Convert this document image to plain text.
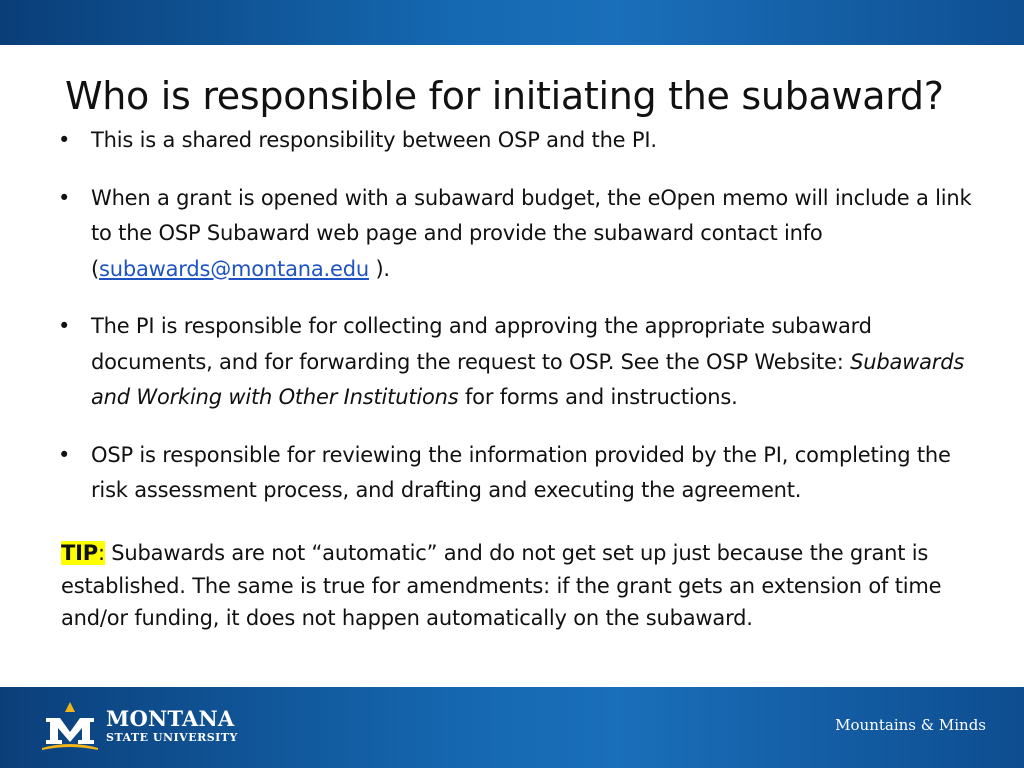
Who is responsible for initiating the subaward?
• This is a shared responsibility between OSP and the PI.
• When a grant is opened with a subaward budget, the eOpen memo will include a link to the OSP Subaward web page and provide the subaward contact info (subawards@montana.edu ).
• The PI is responsible for collecting and approving the appropriate subaward documents, and for forwarding the request to OSP. See the OSP Website: Subawards and Working with Other Institutions for forms and instructions.
• OSP is responsible for reviewing the information provided by the PI, completing the risk assessment process, and drafting and executing the agreement.
TIP: Subawards are not “automatic” and do not get set up just because the grant is established. The same is true for amendments: if the grant gets an extension of time and/or funding, it does not happen automatically on the subaward.
MONTANA
STATE UNIVERSITY
Mountains & Minds
